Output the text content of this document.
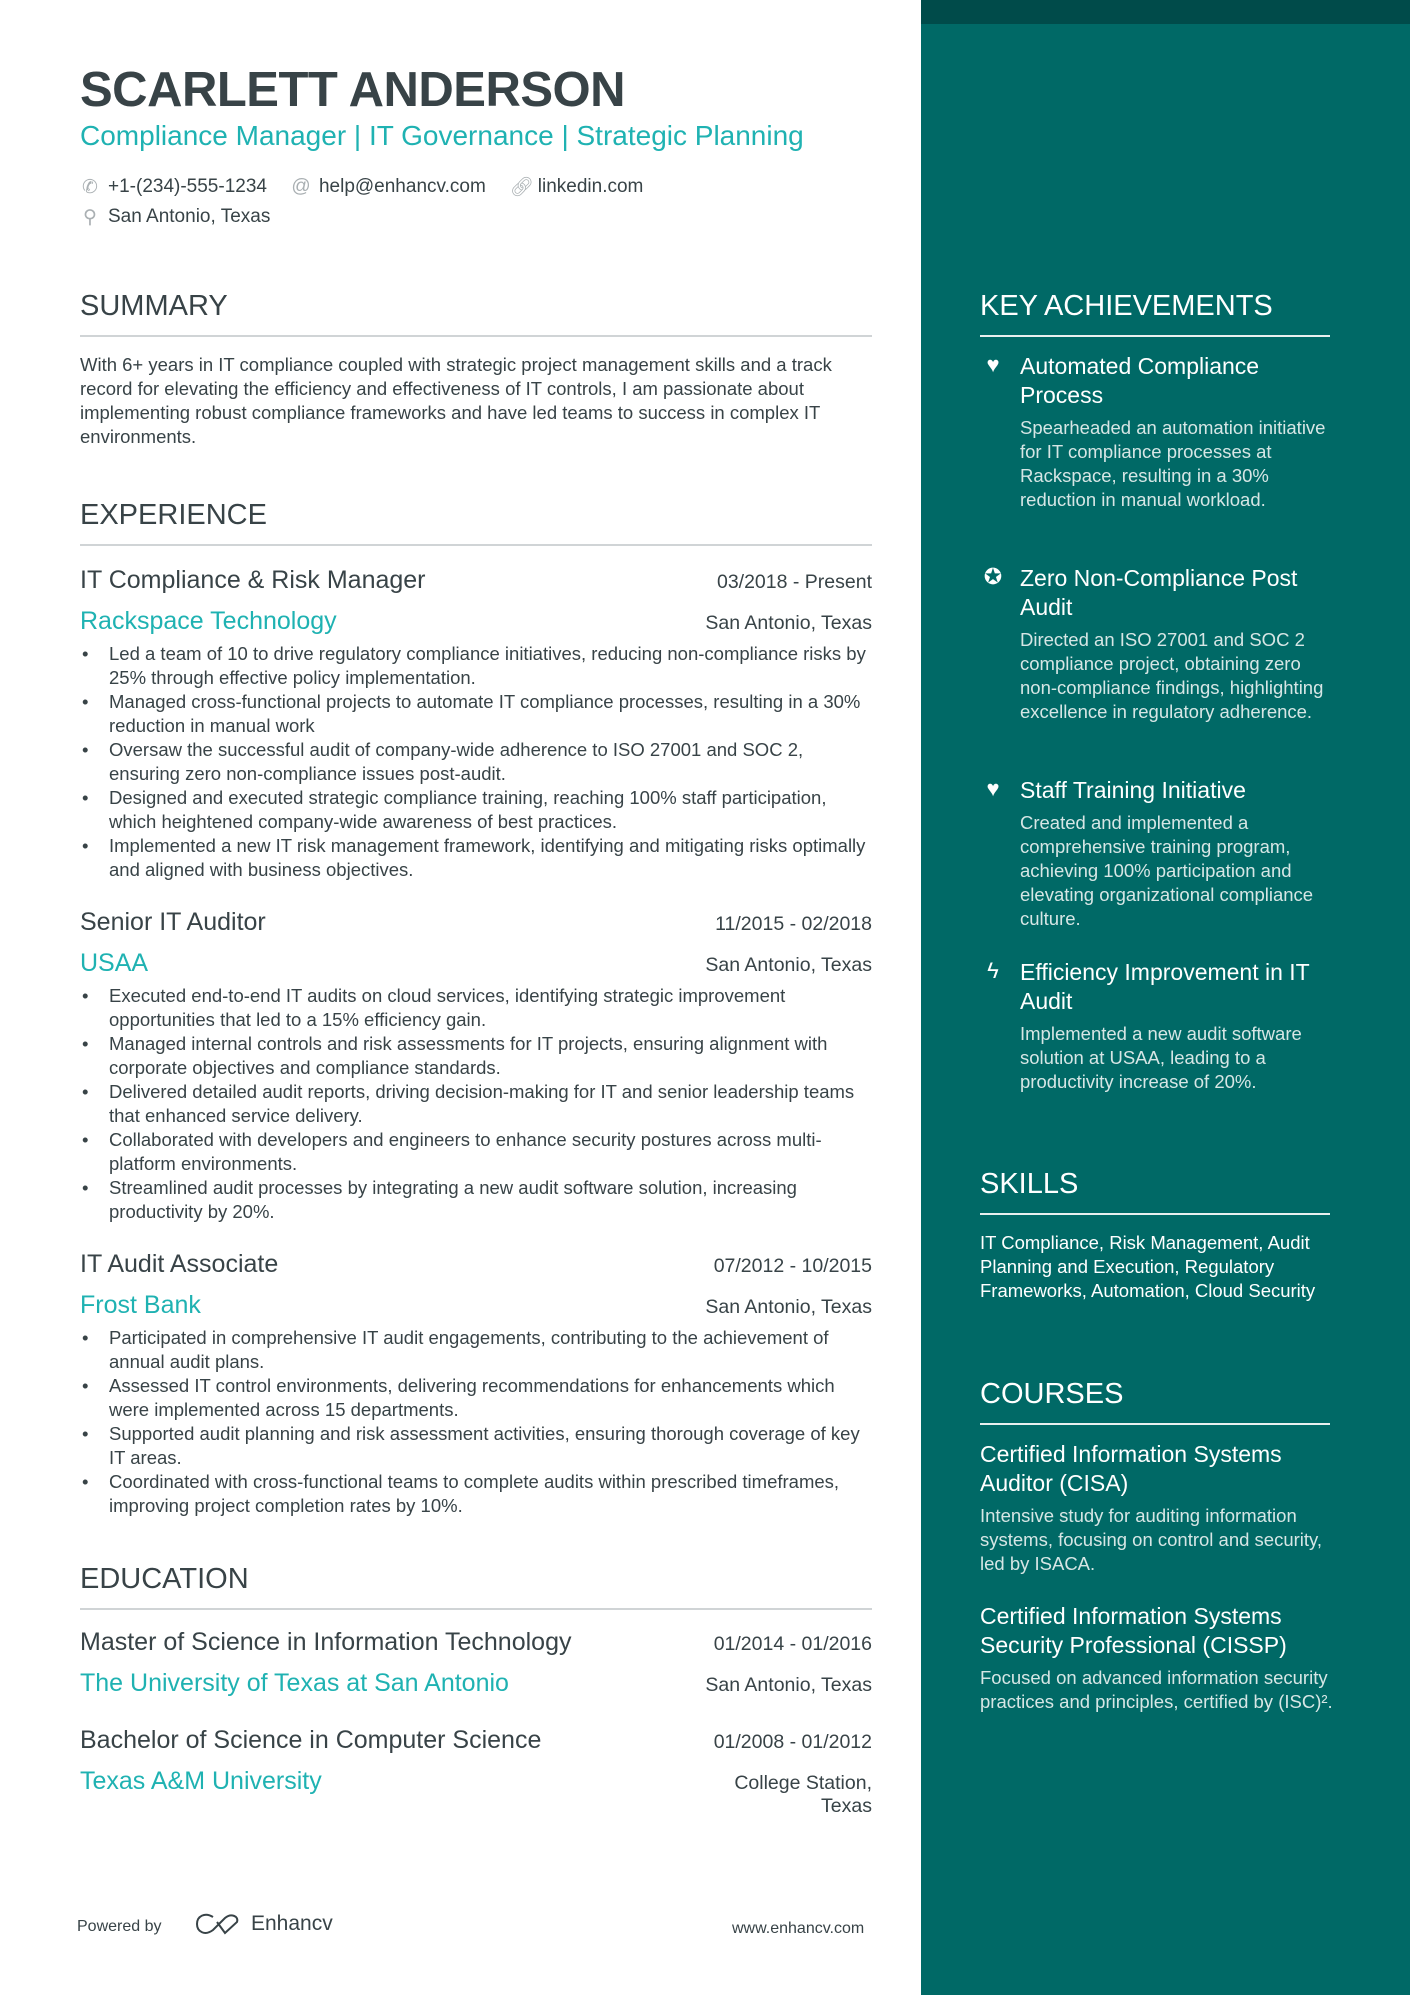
SCARLETT ANDERSON
Compliance Manager | IT Governance | Strategic Planning
✆ +1-(234)-555-1234 @ help@enhancv.com 🔗︎ linkedin.com
⚲ San Antonio, Texas
SUMMARY
With 6+ years in IT compliance coupled with strategic project management skills and a track record for elevating the efficiency and effectiveness of IT controls, I am passionate about implementing robust compliance frameworks and have led teams to success in complex IT environments.
EXPERIENCE
IT Compliance & Risk Manager	03/2018 - Present
Rackspace Technology	San Antonio, Texas
• Led a team of 10 to drive regulatory compliance initiatives, reducing non-compliance risks by 25% through effective policy implementation.
• Managed cross-functional projects to automate IT compliance processes, resulting in a 30% reduction in manual work
• Oversaw the successful audit of company-wide adherence to ISO 27001 and SOC 2, ensuring zero non-compliance issues post-audit.
• Designed and executed strategic compliance training, reaching 100% staff participation, which heightened company-wide awareness of best practices.
• Implemented a new IT risk management framework, identifying and mitigating risks optimally and aligned with business objectives.
Senior IT Auditor	11/2015 - 02/2018
USAA	San Antonio, Texas
• Executed end-to-end IT audits on cloud services, identifying strategic improvement opportunities that led to a 15% efficiency gain.
• Managed internal controls and risk assessments for IT projects, ensuring alignment with corporate objectives and compliance standards.
• Delivered detailed audit reports, driving decision-making for IT and senior leadership teams that enhanced service delivery.
• Collaborated with developers and engineers to enhance security postures across multi-platform environments.
• Streamlined audit processes by integrating a new audit software solution, increasing productivity by 20%.
IT Audit Associate	07/2012 - 10/2015
Frost Bank	San Antonio, Texas
• Participated in comprehensive IT audit engagements, contributing to the achievement of annual audit plans.
• Assessed IT control environments, delivering recommendations for enhancements which were implemented across 15 departments.
• Supported audit planning and risk assessment activities, ensuring thorough coverage of key IT areas.
• Coordinated with cross-functional teams to complete audits within prescribed timeframes, improving project completion rates by 10%.
EDUCATION
Master of Science in Information Technology	01/2014 - 01/2016
The University of Texas at San Antonio	San Antonio, Texas
Bachelor of Science in Computer Science	01/2008 - 01/2012
Texas A&M University	College Station, Texas
KEY ACHIEVEMENTS
♥ Automated Compliance Process
Spearheaded an automation initiative for IT compliance processes at Rackspace, resulting in a 30% reduction in manual workload.
✪ Zero Non-Compliance Post Audit
Directed an ISO 27001 and SOC 2 compliance project, obtaining zero non-compliance findings, highlighting excellence in regulatory adherence.
♥ Staff Training Initiative
Created and implemented a comprehensive training program, achieving 100% participation and elevating organizational compliance culture.
ϟ Efficiency Improvement in IT Audit
Implemented a new audit software solution at USAA, leading to a productivity increase of 20%.
SKILLS
IT Compliance, Risk Management, Audit Planning and Execution, Regulatory Frameworks, Automation, Cloud Security
COURSES
Certified Information Systems Auditor (CISA)
Intensive study for auditing information systems, focusing on control and security, led by ISACA.
Certified Information Systems Security Professional (CISSP)
Focused on advanced information security practices and principles, certified by (ISC)².
Powered by	Enhancv	www.enhancv.com
